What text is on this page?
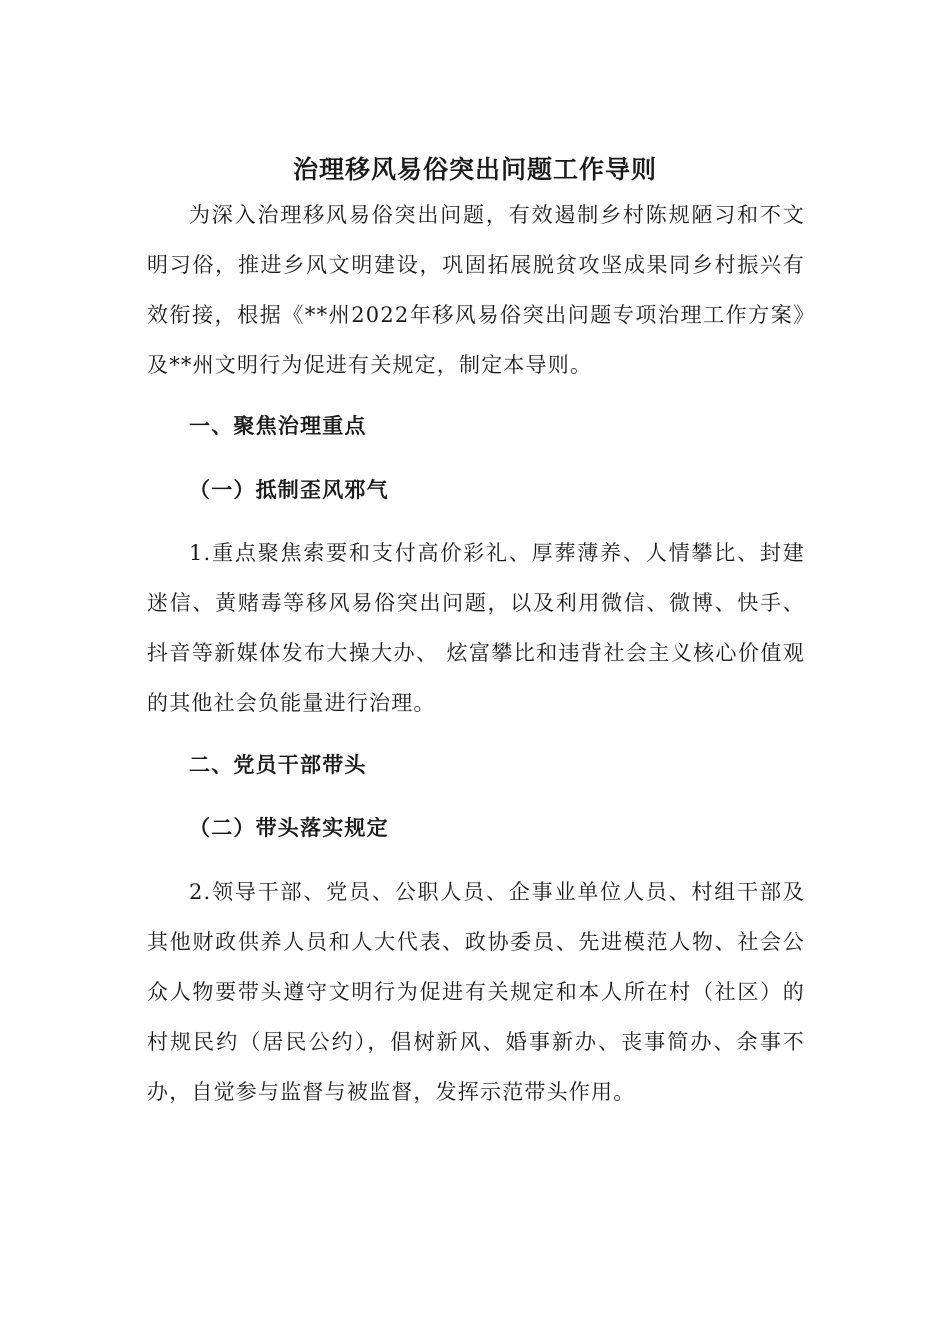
治理移风易俗突出问题工作导则

为深入治理移风易俗突出问题，有效遏制乡村陈规陋习和不文明习俗，推进乡风文明建设，巩固拓展脱贫攻坚成果同乡村振兴有效衔接，根据《**州2022年移风易俗突出问题专项治理工作方案》及**州文明行为促进有关规定，制定本导则。

一、聚焦治理重点
（一）抵制歪风邪气

1.重点聚焦索要和支付高价彩礼、厚葬薄养、人情攀比、封建迷信、黄赌毒等移风易俗突出问题，以及利用微信、微博、快手、抖音等新媒体发布大操大办、 炫富攀比和违背社会主义核心价值观的其他社会负能量进行治理。

二、党员干部带头
（二）带头落实规定

2.领导干部、党员、公职人员、企事业单位人员、村组干部及其他财政供养人员和人大代表、政协委员、先进模范人物、社会公众人物要带头遵守文明行为促进有关规定和本人所在村（社区）的村规民约（居民公约），倡树新风、婚事新办、丧事简办、余事不办，自觉参与监督与被监督，发挥示范带头作用。
